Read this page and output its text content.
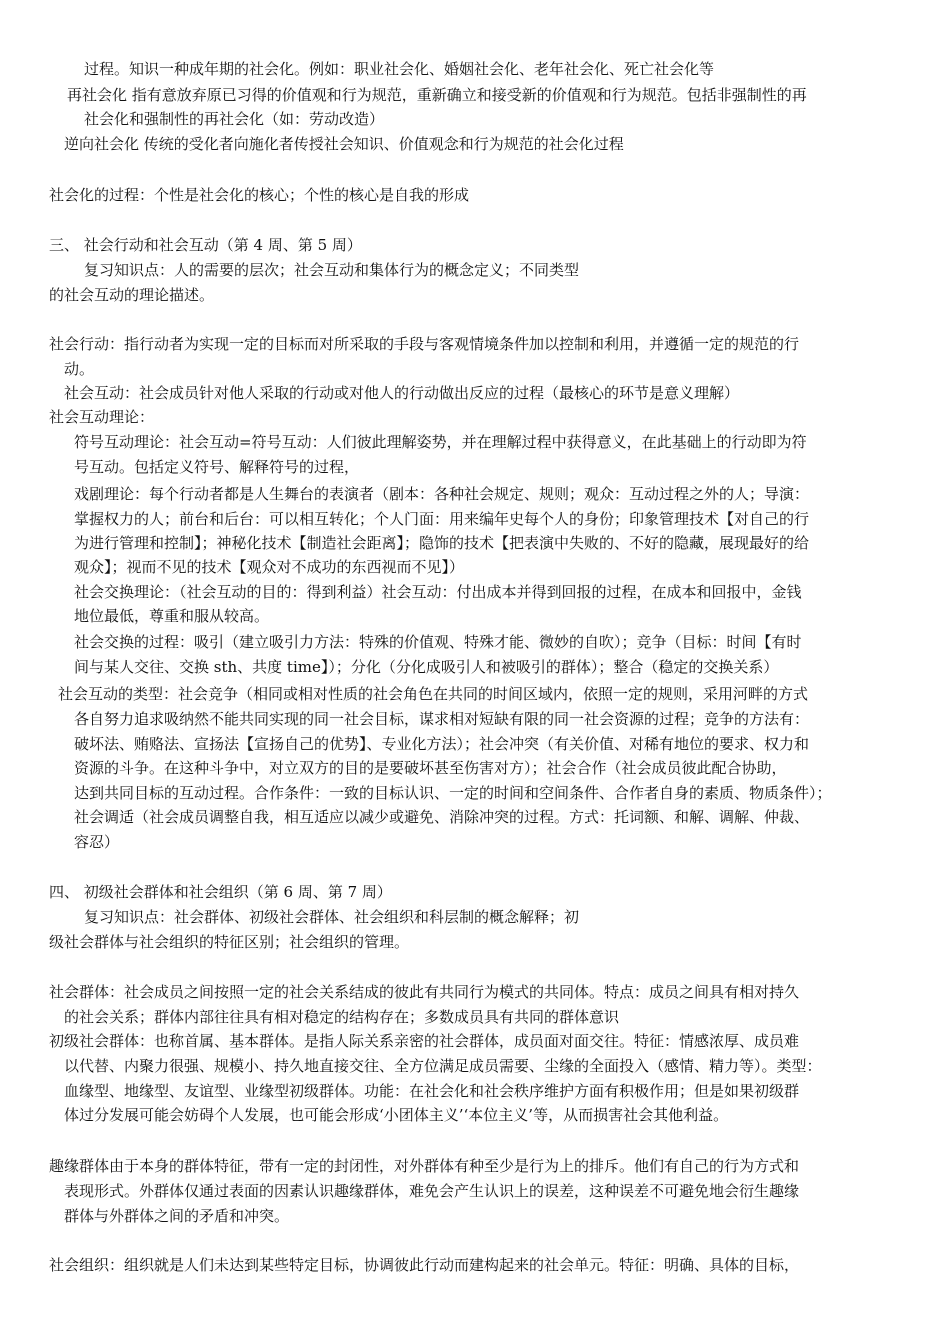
过程。知识一种成年期的社会化。例如：职业社会化、婚姻社会化、老年社会化、死亡社会化等
再社会化 指有意放弃原已习得的价值观和行为规范，重新确立和接受新的价值观和行为规范。包括非强制性的再
社会化和强制性的再社会化（如：劳动改造）
逆向社会化 传统的受化者向施化者传授社会知识、价值观念和行为规范的社会化过程
社会化的过程：个性是社会化的核心；个性的核心是自我的形成
三、 社会行动和社会互动（第 4 周、第 5 周）
复习知识点：人的需要的层次；社会互动和集体行为的概念定义；不同类型
的社会互动的理论描述。
社会行动：指行动者为实现一定的目标而对所采取的手段与客观情境条件加以控制和利用，并遵循一定的规范的行
动。
社会互动：社会成员针对他人采取的行动或对他人的行动做出反应的过程（最核心的环节是意义理解）
社会互动理论：
符号互动理论：社会互动=符号互动：人们彼此理解姿势，并在理解过程中获得意义，在此基础上的行动即为符
号互动。包括定义符号、解释符号的过程，
戏剧理论：每个行动者都是人生舞台的表演者（剧本：各种社会规定、规则；观众：互动过程之外的人；导演：
掌握权力的人；前台和后台：可以相互转化；个人门面：用来编年史每个人的身份；印象管理技术【对自己的行
为进行管理和控制】；神秘化技术【制造社会距离】；隐饰的技术【把表演中失败的、不好的隐藏，展现最好的给
观众】；视而不见的技术【观众对不成功的东西视而不见】）
社会交换理论：（社会互动的目的：得到利益）社会互动：付出成本并得到回报的过程，在成本和回报中，金钱
地位最低，尊重和服从较高。
社会交换的过程：吸引（建立吸引力方法：特殊的价值观、特殊才能、微妙的自吹）；竞争（目标：时间【有时
间与某人交往、交换 sth、共度 time】）；分化（分化成吸引人和被吸引的群体）；整合（稳定的交换关系）
社会互动的类型：社会竞争（相同或相对性质的社会角色在共同的时间区域内，依照一定的规则，采用河畔的方式
各自努力追求吸纳然不能共同实现的同一社会目标，谋求相对短缺有限的同一社会资源的过程；竞争的方法有：
破坏法、贿赂法、宣扬法【宣扬自己的优势】、专业化方法）；社会冲突（有关价值、对稀有地位的要求、权力和
资源的斗争。在这种斗争中，对立双方的目的是要破坏甚至伤害对方）；社会合作（社会成员彼此配合协助，
达到共同目标的互动过程。合作条件：一致的目标认识、一定的时间和空间条件、合作者自身的素质、物质条件）；
社会调适（社会成员调整自我，相互适应以减少或避免、消除冲突的过程。方式：托词额、和解、调解、仲裁、
容忍）
四、 初级社会群体和社会组织（第 6 周、第 7 周）
复习知识点：社会群体、初级社会群体、社会组织和科层制的概念解释；初
级社会群体与社会组织的特征区别；社会组织的管理。
社会群体：社会成员之间按照一定的社会关系结成的彼此有共同行为模式的共同体。特点：成员之间具有相对持久
的社会关系；群体内部往往具有相对稳定的结构存在；多数成员具有共同的群体意识
初级社会群体：也称首属、基本群体。是指人际关系亲密的社会群体，成员面对面交往。特征：情感浓厚、成员难
以代替、内聚力很强、规模小、持久地直接交往、全方位满足成员需要、尘缘的全面投入（感情、精力等）。类型：
血缘型、地缘型、友谊型、业缘型初级群体。功能：在社会化和社会秩序维护方面有积极作用；但是如果初级群
体过分发展可能会妨碍个人发展，也可能会形成‘小团体主义’‘本位主义’等，从而损害社会其他利益。
趣缘群体由于本身的群体特征，带有一定的封闭性，对外群体有种至少是行为上的排斥。他们有自己的行为方式和
表现形式。外群体仅通过表面的因素认识趣缘群体，难免会产生认识上的误差，这种误差不可避免地会衍生趣缘
群体与外群体之间的矛盾和冲突。
社会组织：组织就是人们未达到某些特定目标，协调彼此行动而建构起来的社会单元。特征：明确、具体的目标，
